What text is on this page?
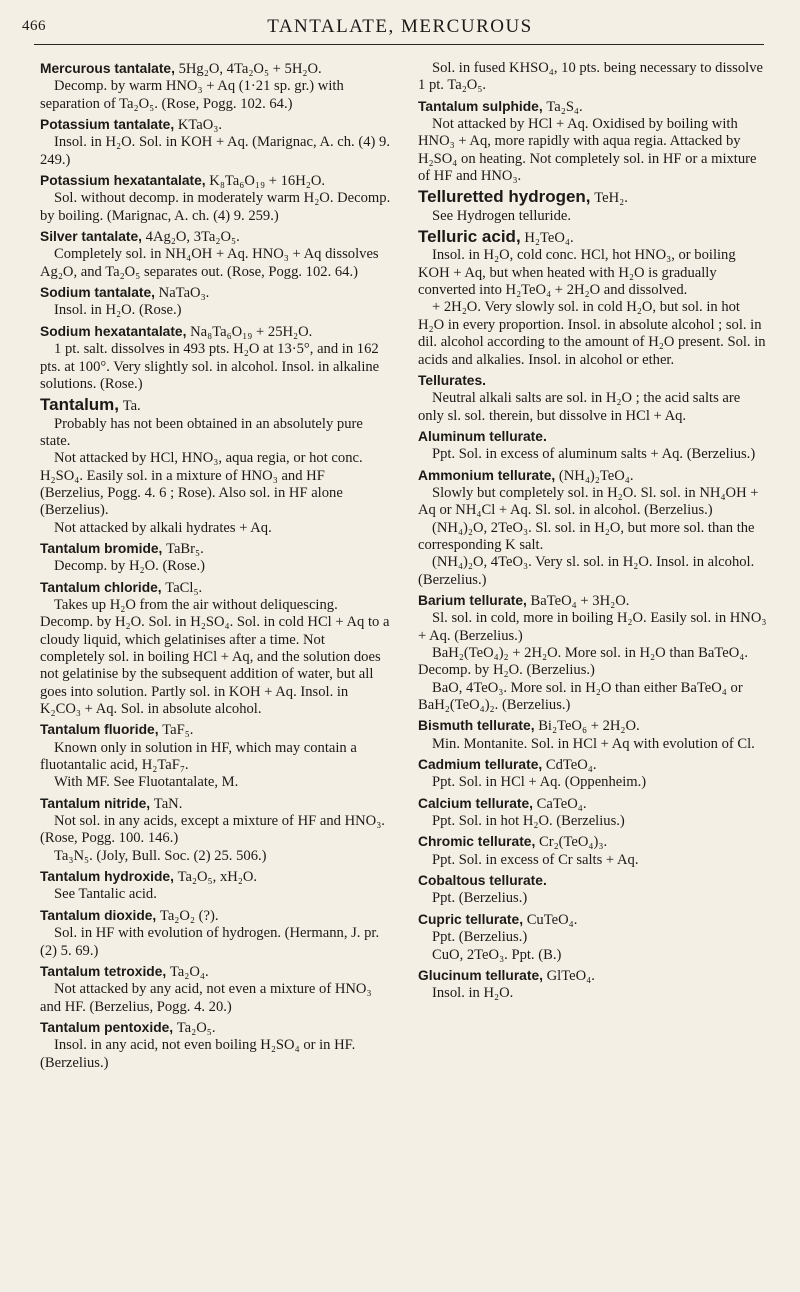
466	TANTALATE, MERCUROUS

Mercurous tantalate, 5Hg₂O, 4Ta₂O₅ + 5H₂O.

Decomp. by warm HNO₃ + Aq (1·21 sp. gr.) with separation of Ta₂O₅. (Rose, Pogg. 102. 64.)

Potassium tantalate, KTaO₃.

Insol. in H₂O. Sol. in KOH + Aq. (Marignac, A. ch. (4) 9. 249.)

Potassium hexatantalate, K₈Ta₆O₁₉ + 16H₂O.

Sol. without decomp. in moderately warm H₂O. Decomp. by boiling. (Marignac, A. ch. (4) 9. 259.)

Silver tantalate, 4Ag₂O, 3Ta₂O₅.

Completely sol. in NH₄OH + Aq. HNO₃ + Aq dissolves Ag₂O, and Ta₂O₅ separates out. (Rose, Pogg. 102. 64.)

Sodium tantalate, NaTaO₃.

Insol. in H₂O. (Rose.)

Sodium hexatantalate, Na₈Ta₆O₁₉ + 25H₂O.

1 pt. salt. dissolves in 493 pts. H₂O at 13·5°, and in 162 pts. at 100°. Very slightly sol. in alcohol. Insol. in alkaline solutions. (Rose.)

Tantalum, Ta.

Probably has not been obtained in an absolutely pure state.

Not attacked by HCl, HNO₃, aqua regia, or hot conc. H₂SO₄. Easily sol. in a mixture of HNO₃ and HF (Berzelius, Pogg. 4. 6 ; Rose). Also sol. in HF alone (Berzelius).

Not attacked by alkali hydrates + Aq.

Tantalum bromide, TaBr₅.

Decomp. by H₂O. (Rose.)

Tantalum chloride, TaCl₅.

Takes up H₂O from the air without deliquescing. Decomp. by H₂O. Sol. in H₂SO₄. Sol. in cold HCl + Aq to a cloudy liquid, which gelatinises after a time. Not completely sol. in boiling HCl + Aq, and the solution does not gelatinise by the subsequent addition of water, but all goes into solution. Partly sol. in KOH + Aq. Insol. in K₂CO₃ + Aq. Sol. in absolute alcohol.

Tantalum fluoride, TaF₅.

Known only in solution in HF, which may contain a fluotantalic acid, H₂TaF₇.

With MF. See Fluotantalate, M.

Tantalum nitride, TaN.

Not sol. in any acids, except a mixture of HF and HNO₃. (Rose, Pogg. 100. 146.)

Ta₃N₅. (Joly, Bull. Soc. (2) 25. 506.)

Tantalum hydroxide, Ta₂O₅, xH₂O.

See Tantalic acid.

Tantalum dioxide, Ta₂O₂ (?).

Sol. in HF with evolution of hydrogen. (Hermann, J. pr. (2) 5. 69.)

Tantalum tetroxide, Ta₂O₄.

Not attacked by any acid, not even a mixture of HNO₃ and HF. (Berzelius, Pogg. 4. 20.)

Tantalum pentoxide, Ta₂O₅.

Insol. in any acid, not even boiling H₂SO₄ or in HF. (Berzelius.)

Sol. in fused KHSO₄, 10 pts. being necessary to dissolve 1 pt. Ta₂O₅.

Tantalum sulphide, Ta₂S₄.

Not attacked by HCl + Aq. Oxidised by boiling with HNO₃ + Aq, more rapidly with aqua regia. Attacked by H₂SO₄ on heating. Not completely sol. in HF or a mixture of HF and HNO₃.

Telluretted hydrogen, TeH₂.

See Hydrogen telluride.

Telluric acid, H₂TeO₄.

Insol. in H₂O, cold conc. HCl, hot HNO₃, or boiling KOH + Aq, but when heated with H₂O is gradually converted into H₂TeO₄ + 2H₂O and dissolved.

+ 2H₂O. Very slowly sol. in cold H₂O, but sol. in hot H₂O in every proportion. Insol. in absolute alcohol ; sol. in dil. alcohol according to the amount of H₂O present. Sol. in acids and alkalies. Insol. in alcohol or ether.

Tellurates.

Neutral alkali salts are sol. in H₂O ; the acid salts are only sl. sol. therein, but dissolve in HCl + Aq.

Aluminum tellurate.

Ppt. Sol. in excess of aluminum salts + Aq. (Berzelius.)

Ammonium tellurate, (NH₄)₂TeO₄.

Slowly but completely sol. in H₂O. Sl. sol. in NH₄OH + Aq or NH₄Cl + Aq. Sl. sol. in alcohol. (Berzelius.)

(NH₄)₂O, 2TeO₃. Sl. sol. in H₂O, but more sol. than the corresponding K salt.

(NH₄)₂O, 4TeO₃. Very sl. sol. in H₂O. Insol. in alcohol. (Berzelius.)

Barium tellurate, BaTeO₄ + 3H₂O.

Sl. sol. in cold, more in boiling H₂O. Easily sol. in HNO₃ + Aq. (Berzelius.)

BaH₂(TeO₄)₂ + 2H₂O. More sol. in H₂O than BaTeO₄. Decomp. by H₂O. (Berzelius.)

BaO, 4TeO₃. More sol. in H₂O than either BaTeO₄ or BaH₂(TeO₄)₂. (Berzelius.)

Bismuth tellurate, Bi₂TeO₆ + 2H₂O.

Min. Montanite. Sol. in HCl + Aq with evolution of Cl.

Cadmium tellurate, CdTeO₄.

Ppt. Sol. in HCl + Aq. (Oppenheim.)

Calcium tellurate, CaTeO₄.

Ppt. Sol. in hot H₂O. (Berzelius.)

Chromic tellurate, Cr₂(TeO₄)₃.

Ppt. Sol. in excess of Cr salts + Aq.

Cobaltous tellurate.

Ppt. (Berzelius.)

Cupric tellurate, CuTeO₄.

Ppt. (Berzelius.)

CuO, 2TeO₃. Ppt. (B.)

Glucinum tellurate, GlTeO₄.

Insol. in H₂O.
